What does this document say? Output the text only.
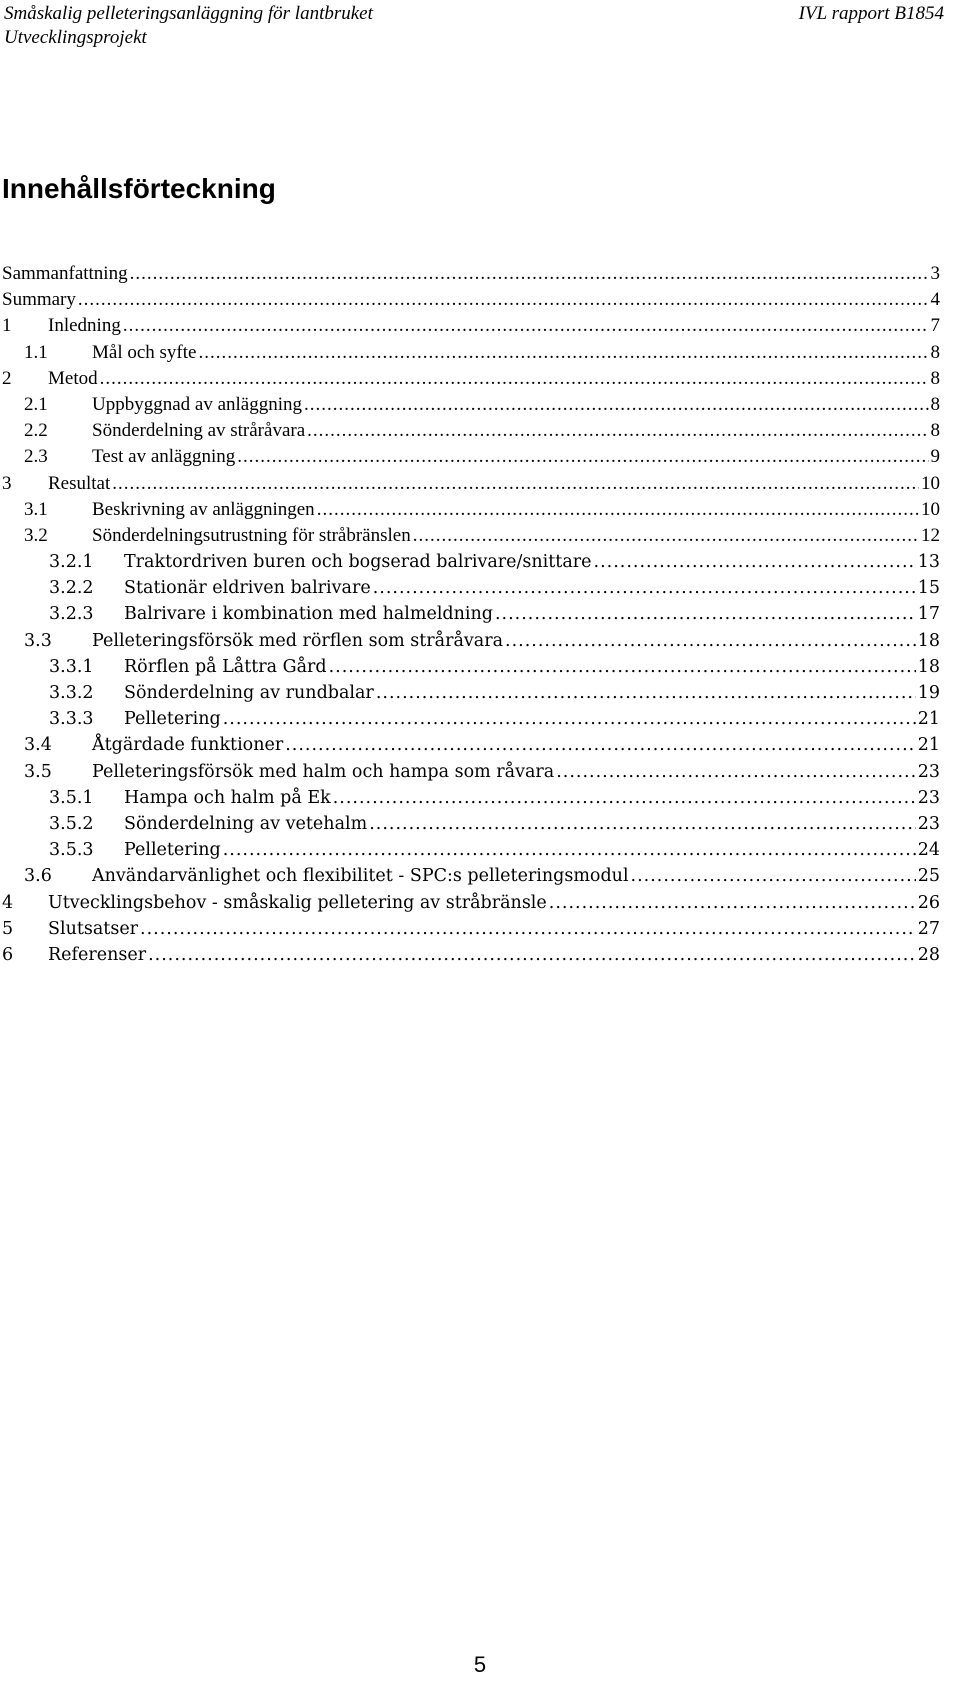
Småskalig pelleteringsanläggning för lantbruket
Utvecklingsprojekt
IVL rapport B1854
Innehållsförteckning
Sammanfattning .....	3
Summary .....	4
1	Inledning .....	7
1.1	Mål och syfte .....	8
2	Metod .....	8
2.1	Uppbyggnad av anläggning .....	8
2.2	Sönderdelning av stråråvara .....	8
2.3	Test av anläggning .....	9
3	Resultat .....	10
3.1	Beskrivning av anläggningen .....	10
3.2	Sönderdelningsutrustning för stråbränslen .....	12
3.2.1	Traktordriven buren och bogserad balrivare/snittare .....	13
3.2.2	Stationär eldriven balrivare .....	15
3.2.3	Balrivare i kombination med halmeldning .....	17
3.3	Pelleteringsförsök med rörflen som stråråvara .....	18
3.3.1	Rörflen på Låttra Gård .....	18
3.3.2	Sönderdelning av rundbalar .....	19
3.3.3	Pelletering .....	21
3.4	Åtgärdade funktioner .....	21
3.5	Pelleteringsförsök med halm och hampa som råvara .....	23
3.5.1	Hampa och halm på Ek .....	23
3.5.2	Sönderdelning av vetehalm .....	23
3.5.3	Pelletering .....	24
3.6	Användarvänlighet och flexibilitet - SPC:s pelleteringsmodul .....	25
4	Utvecklingsbehov - småskalig pelletering av stråbränsle .....	26
5	Slutsatser .....	27
6	Referenser .....	28
5
